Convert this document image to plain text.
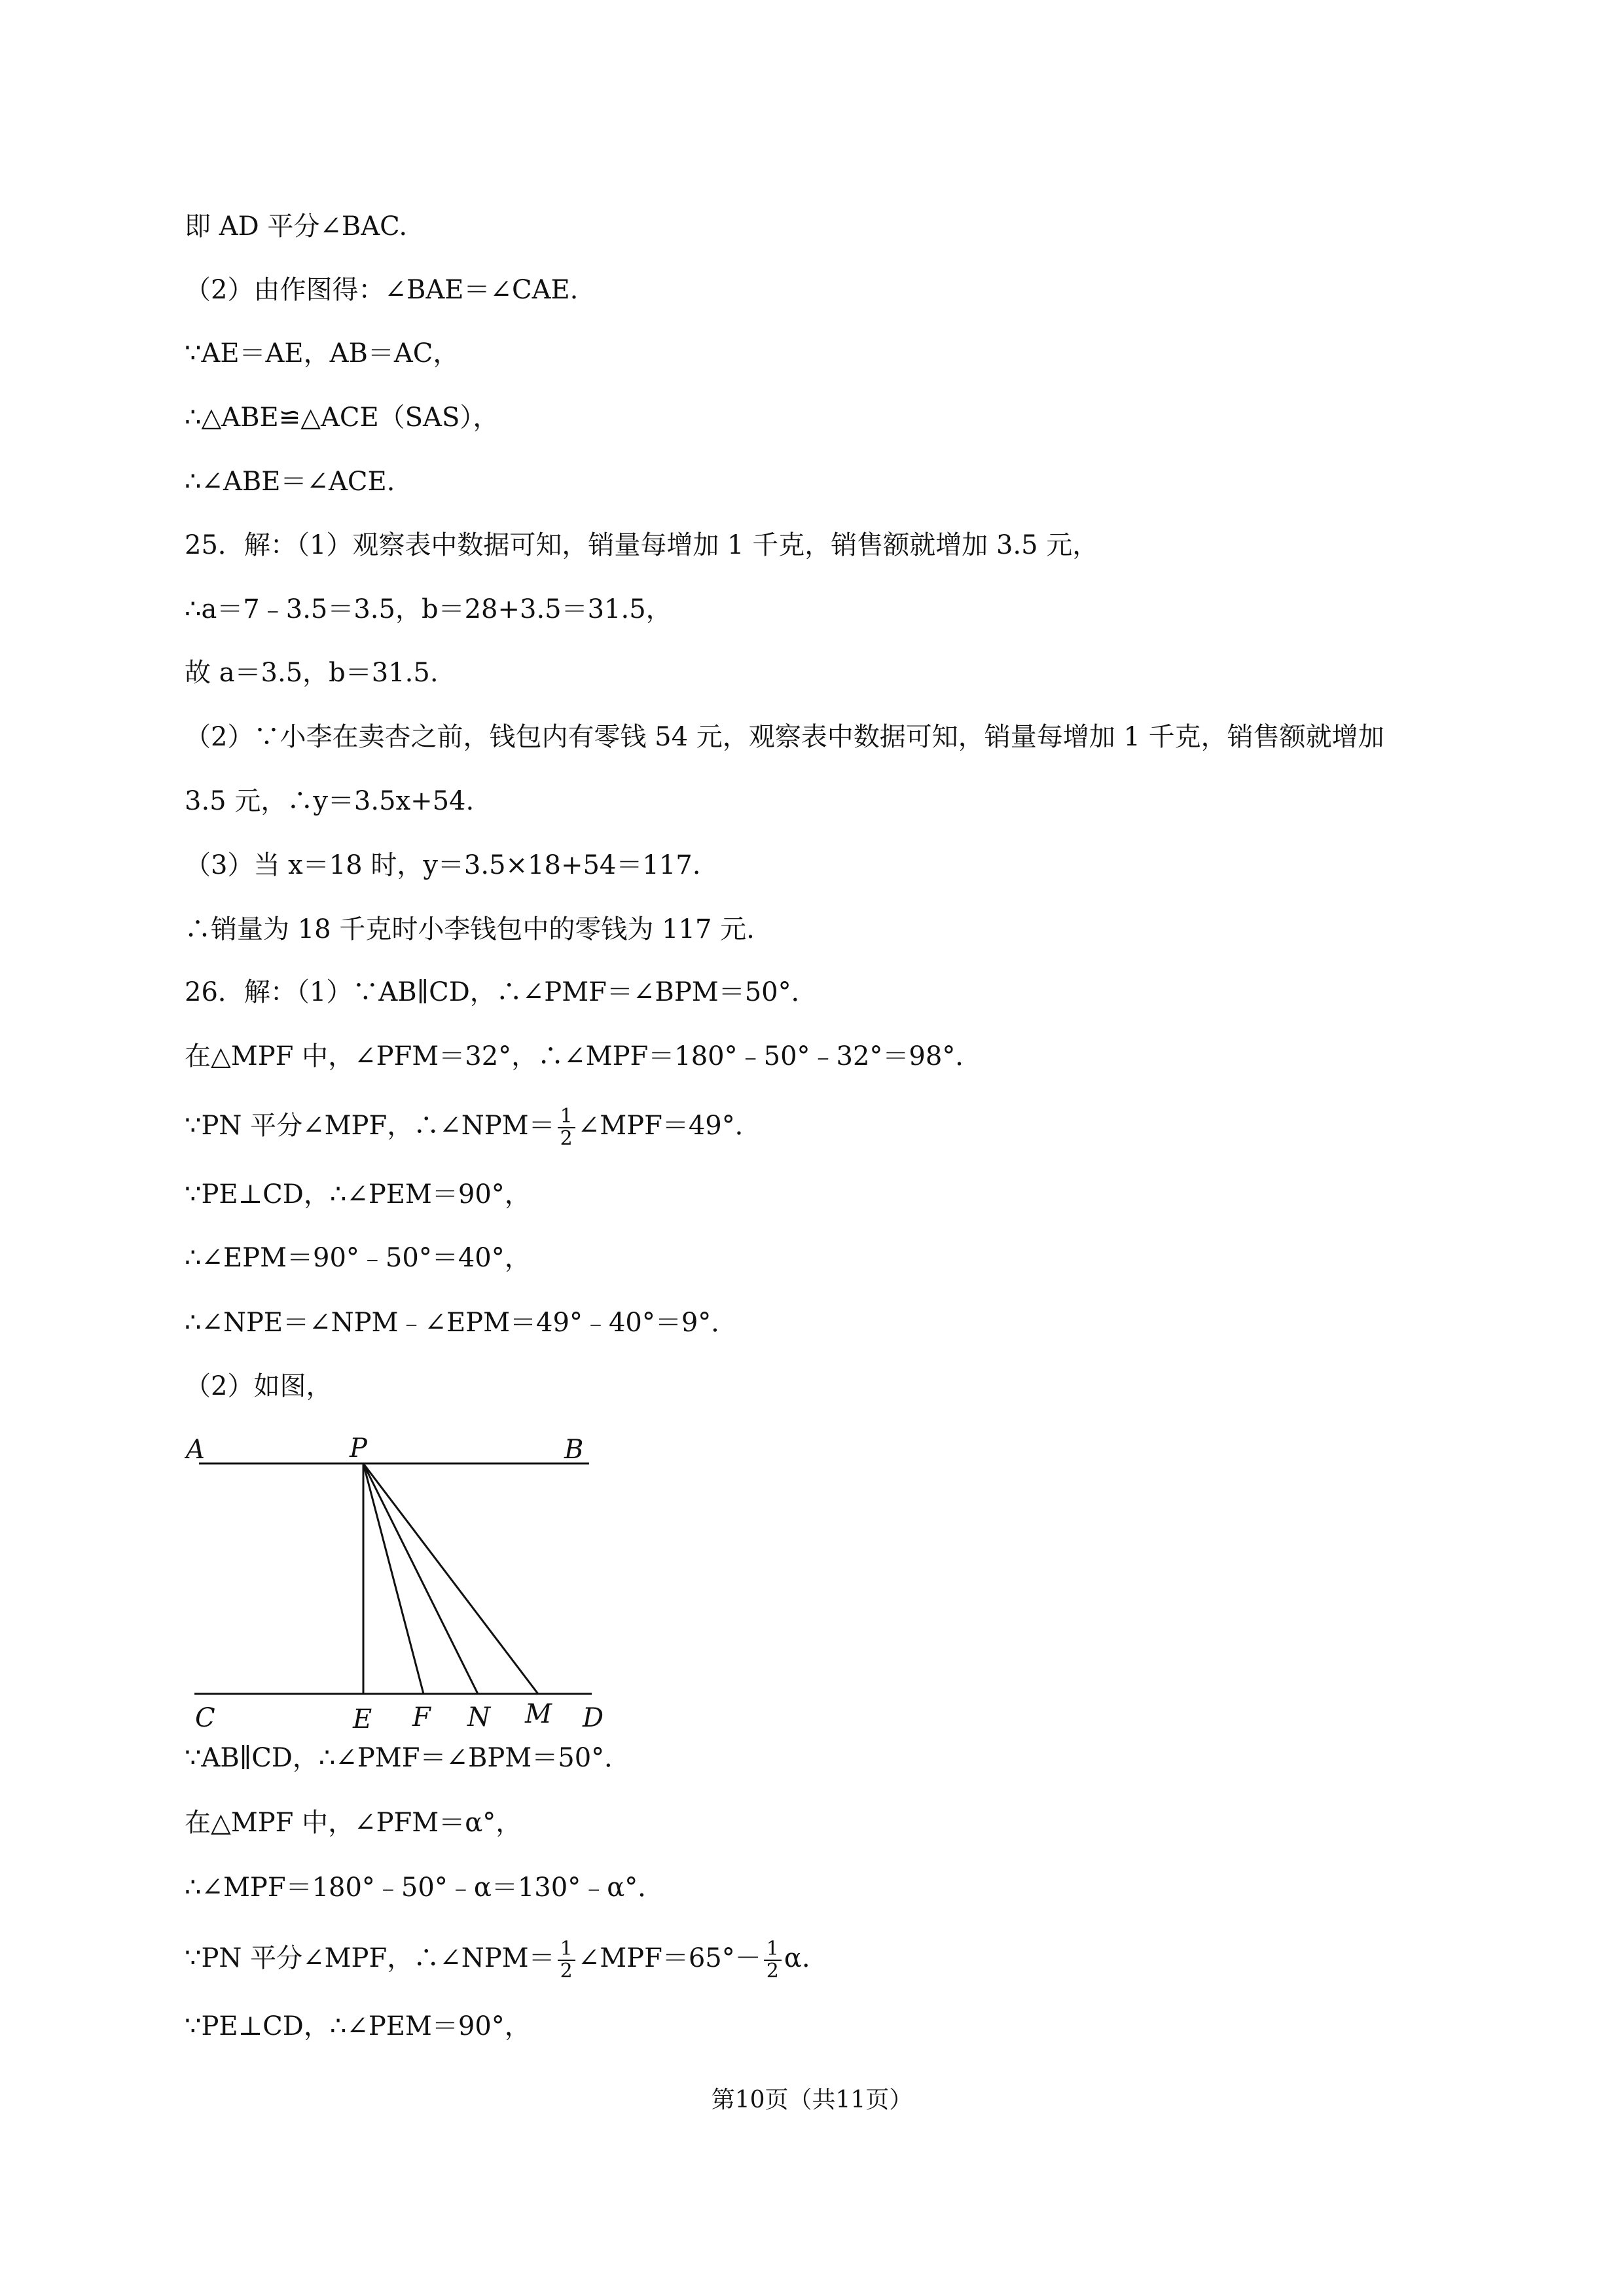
即 AD 平分∠BAC.

（2）由作图得：∠BAE＝∠CAE.

∵AE＝AE，AB＝AC，

∴△ABE≌△ACE（SAS），

∴∠ABE＝∠ACE.

25．解：（1）观察表中数据可知，销量每增加 1 千克，销售额就增加 3.5 元，

∴a＝7﹣3.5＝3.5，b＝28+3.5＝31.5，

故 a＝3.5，b＝31.5.

（2）∵小李在卖杏之前，钱包内有零钱 54 元，观察表中数据可知，销量每增加 1 千克，销售额就增加

3.5 元，∴y＝3.5x+54.

（3）当 x＝18 时，y＝3.5×18+54＝117.

∴销量为 18 千克时小李钱包中的零钱为 117 元.

26．解：（1）∵AB∥CD，∴∠PMF＝∠BPM＝50°．

在△MPF 中，∠PFM＝32°，∴∠MPF＝180°﹣50°﹣32°＝98°．

∵PN 平分∠MPF，∴∠NPM＝ $\frac{1}{2}$ ∠MPF＝49°．

∵PE⊥CD，∴∠PEM＝90°，

∴∠EPM＝90°﹣50°＝40°，

∴∠NPE＝∠NPM﹣∠EPM＝49°﹣40°＝9°．

（2）如图，

A	P	B
C	E F N M D

∵AB∥CD，∴∠PMF＝∠BPM＝50°．

在△MPF 中，∠PFM＝α°，

∴∠MPF＝180°﹣50°﹣α＝130°﹣α°．

∵PN 平分∠MPF，∴∠NPM＝ $\frac{1}{2}$ ∠MPF＝65°－ $\frac{1}{2} \alpha$.

∵PE⊥CD，∴∠PEM＝90°，

第10页（共11页）
